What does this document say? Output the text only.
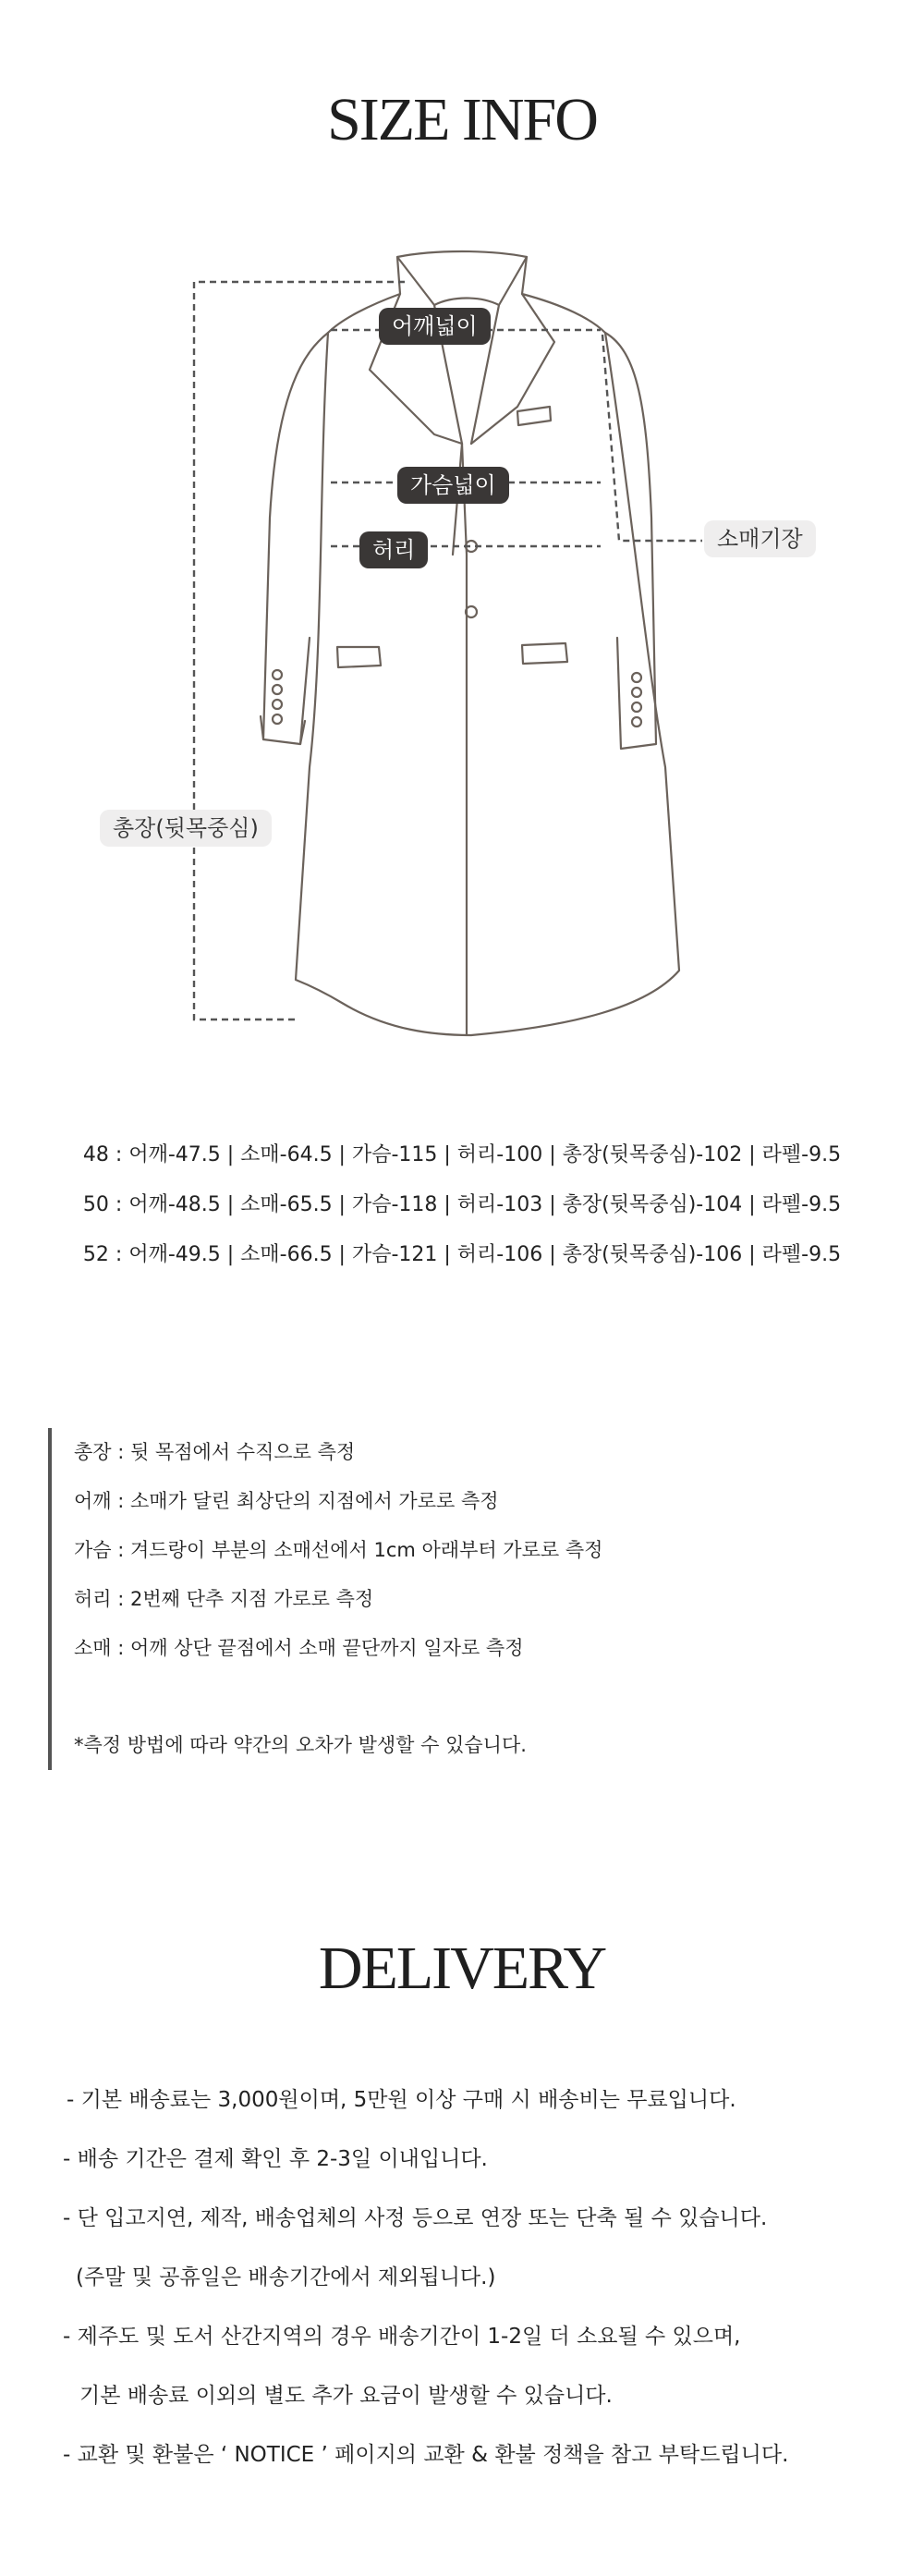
SIZE INFO
어깨넓이
가슴넓이
허리	소매기장
총장(뒷목중심)
48 : 어깨-47.5 | 소매-64.5 | 가슴-115 | 허리-100 | 총장(뒷목중심)-102 | 라펠-9.5
50 : 어깨-48.5 | 소매-65.5 | 가슴-118 | 허리-103 | 총장(뒷목중심)-104 | 라펠-9.5
52 : 어깨-49.5 | 소매-66.5 | 가슴-121 | 허리-106 | 총장(뒷목중심)-106 | 라펠-9.5
총장 : 뒷 목점에서 수직으로 측정
어깨 : 소매가 달린 최상단의 지점에서 가로로 측정
가슴 : 겨드랑이 부분의 소매선에서 1cm 아래부터 가로로 측정
허리 : 2번째 단추 지점 가로로 측정
소매 : 어깨 상단 끝점에서 소매 끝단까지 일자로 측정
*측정 방법에 따라 약간의 오차가 발생할 수 있습니다.
DELIVERY
- 기본 배송료는 3,000원이며, 5만원 이상 구매 시 배송비는 무료입니다.
- 배송 기간은 결제 확인 후 2-3일 이내입니다.
- 단 입고지연, 제작, 배송업체의 사정 등으로 연장 또는 단축 될 수 있습니다.
(주말 및 공휴일은 배송기간에서 제외됩니다.)
- 제주도 및 도서 산간지역의 경우 배송기간이 1-2일 더 소요될 수 있으며,
기본 배송료 이외의 별도 추가 요금이 발생할 수 있습니다.
- 교환 및 환불은 ‘ NOTICE ’ 페이지의 교환 & 환불 정책을 참고 부탁드립니다.
